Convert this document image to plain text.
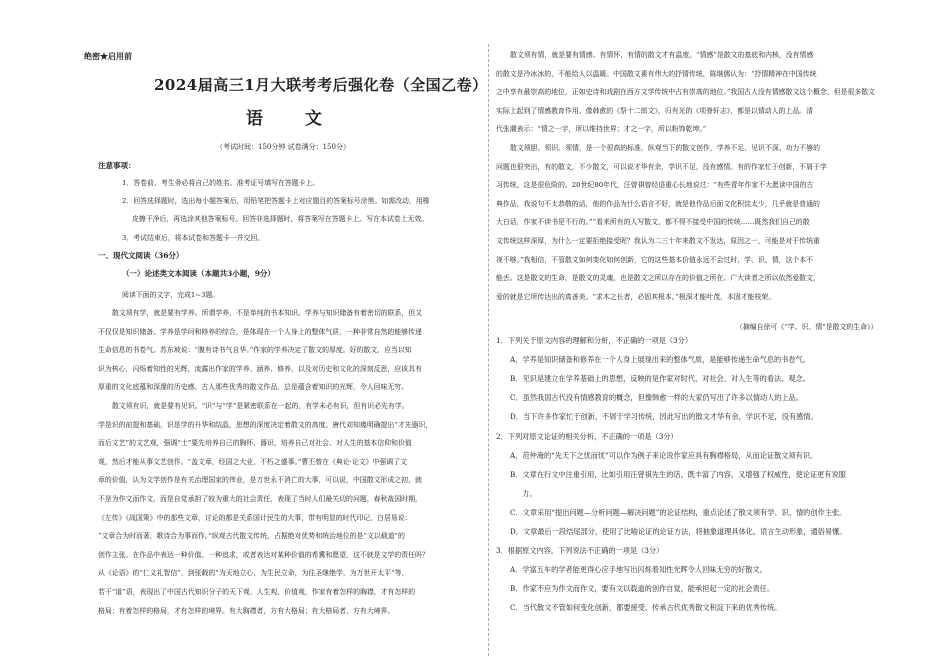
绝密★启用前
2024届高三1月大联考考后强化卷（全国乙卷）
语 文
（考试时间：150分钟 试卷满分：150分）
注意事项：
1．答卷前，考生务必将自己的姓名、准考证号填写在答题卡上。
2．回答选择题时，选出每小题答案后，用铅笔把答题卡上对应题目的答案标号涂黑。如需改动，用橡
皮擦干净后，再选涂其他答案标号。回答非选择题时，将答案写在答题卡上。写在本试卷上无效。
3．考试结束后，将本试卷和答题卡一并交回。
一、现代文阅读（36分）
（一）论述类文本阅读（本题共3小题，9分）
阅读下面的文字，完成1~3题。
散文须有学，就是要有学养。所谓学养，不是单纯的书本知识。学养与知识储备有着密切的联系，但又
不仅仅是知识储备。学养是学问和修养的综合，是体现在一个人身上的整体气质，一种非常自然的能够传递
生命信息的书卷气。苏东坡说：“腹有诗书气自华。”作家的学养决定了散文的厚度。好的散文，应当以知
识为核心，闪烁着知性的光辉，流露出作家的学养、涵养、修养，以及对历史和文化的深刻反思，应该具有
厚重的文化底蕴和深邃的历史感。古人那些优秀的散文作品，总是蕴含着知识的光辉，令人回味无穷。
散文须有识，就是要有见识。“识”与“学”是紧密联系在一起的，有学未必有识，但有识必先有学。
学是识的前提和基础，识是学的升华和结晶，思想的深度决定着散文的高度。唐代刘知幾明确提出“才先器识，
而后文艺”的文艺观，强调“士”要先培养自己的胸怀、器识，培养自己对社会、对人生的基本信仰和价值
观，然后才能从事文艺创作。“盖文章，经国之大业，不朽之盛事。”曹丕曾在《典论·论文》中强调了文
章的价值，认为文学创作是有关治理国家的伟业，是万世永不消亡的大事，可以说，中国散文形成之初，就
不是为作文而作文，而是自觉承担了较为重大的社会责任，表现了当时人们最关切的问题，春秋战国时期，
《左传》《战国策》中的那些文章，讨论的都是关系国计民生的大事，带有明显的时代印记，白居易说：
“文章合为时而著，歌诗合为事而作。”纵观古代散文传统，占据绝对优势和统治地位的是“文以载道”的
创作主张。在作品中表达一种价值、一种追求，或者表达对某种价值的希冀和愿望，这不就是文学的责任吗？
从《论语》的“仁义礼智信”，到张载的“为天地立心，为生民立命，为往圣继绝学，为万世开太平”等，
若干“道”语，表现出了中国古代知识分子的天下观、人生观、价值观，作家有着怎样的胸襟，才有怎样的
格局；有着怎样的格局，才有怎样的境界。有大胸襟者，方有大格局；有大格局者，方有大境界。
散文须有情，就是要有情感、有情怀，有情的散文才有温度。“情感”是散文的基底和内核，没有情感
的散文是冷冰冰的，不能给人以温暖。中国散文素有伟大的抒情传统，陈继儒认为：“抒情精神在中国传统
之中享有最崇高的地位，正如史诗和戏剧在西方文学传统中占有崇高的地位。”我国古人没有情感散文这个概念，但是很多散文
实际上起到了情感教育作用。像韩愈的《祭十二郎文》，归有光的《项脊轩志》，都是以情动人的上品。清
代张潮表示：“情之一字，所以维持世界；才之一字，所以粉饰乾坤。”
散文须胆、须识、须情，是一个很高的标准，纵观当下的散文创作，学养不足、见识不深、功力不够的
问题也很突出，有的散文，不少散文，可以说才华有余，学识不足，没有感情。有的作家忙于创新，不屑于学
习传统，这是很危险的。20世纪80年代，汪曾祺曾经语重心长地说过：“有些青年作家不大愿读中国的古
典作品，我说句不太恭敬的话，他的作品为什么语言不好，就是他作品后面文化积淀太少，几乎就是普通的
大白话，作家不读书是不行的。”“看来所有的人写散文，都不得不接受中国的传统……既然我们自己的散
文传统这样深厚，为什么一定要拒绝接受呢？我认为二三十年来散文不发达，原因之一，可能是对于传统重
视不够。”我相信，不管散文如何变化如何创新，它的这些基本价值永远不会过时，学、识、情，这个本不
能丢。这是散文的生命，是散文的灵魂，也是散文之所以存在的价值之所在。广大读者之所以依然爱散文，
爱的就是它所传达出的真善美。“求木之长者，必固其根本。”根深才能叶茂，本固才能枝荣。
（摘编自徐可《“学、识、情”是散文的生命》）
1．下列关于原文内容的理解和分析，不正确的一项是（3分）
A．学养是知识储备和修养在一个人身上展现出来的整体气质，是能够传递生命气息的书卷气。
B．见识是建立在学养基础上的思想，反映的是作家对时代、对社会、对人生等的看法、观念。
C．虽然我国古代没有情感教育的概念，但像韩愈一样的大家仍写出了许多以情动人的上品。
D．当下许多作家忙于创新，不屑于学习传统，因此写出的散文才华有余，学识不足，没有感情。
2．下列对原文论证的相关分析，不正确的一项是（3分）
A．范仲淹的“先天下之忧而忧”可以作为例子来论说作家应具有胸襟格局，从而论证散文须有识。
B．文章在行文中注重引用，比如引用汪曾祺先生的话，既丰富了内容，又增强了权威性，使论证更有说服
力。
C．文章采用“提出问题—分析问题—解决问题”的论证结构，重点论述了散文须有学、识、情的创作主张。
D．文章最后一段结尾部分，使用了比喻论证的论证方法，将抽象道理具体化，语言生动形象，通俗易懂。
3．根据原文内容，下列说法不正确的一项是（3分）
A．学富五车的学者能更得心应手地写出闪烁着知性光辉令人回味无穷的好散文。
B．作家不应为作文而作文，要有文以载道的创作自觉，能承担起一定的社会责任。
C．当代散文不管如何变化创新，都要接受、传承古代优秀散文积淀下来的优秀传统。
